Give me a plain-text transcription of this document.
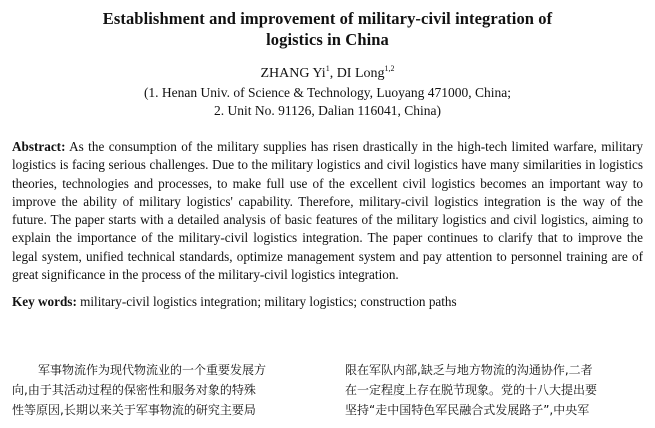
Establishment and improvement of military-civil integration of
logistics in China
ZHANG Yi$^1$, DI Long$^{1,2}$
(1. Henan Univ. of Science & Technology, Luoyang 471000, China;
2. Unit No. 91126, Dalian 116041, China)
Abstract: As the consumption of the military supplies has risen drastically in the high-tech limited warfare, military logistics is facing serious challenges. Due to the military logistics and civil logistics have many similarities in logistics theories, technologies and processes, to make full use of the excellent civil logistics becomes an important way to improve the ability of military logistics' capability. Therefore, military-civil logistics integration is the way of the future. The paper starts with a detailed analysis of basic features of the military logistics and civil logistics, aiming to explain the importance of the military-civil logistics integration. The paper continues to clarify that to improve the legal system, unified technical standards, optimize management system and pay attention to personnel training are of great significance in the process of the military-civil logistics integration.
Key words: military-civil logistics integration; military logistics; construction paths

军事物流作为现代物流业的一个重要发展方

向,由于其活动过程的保密性和服务对象的特殊

性等原因,长期以来关于军事物流的研究主要局

限在军队内部,缺乏与地方物流的沟通协作,二者

在一定程度上存在脱节现象。党的十八大提出要

坚持“走中国特色军民融合式发展路子”,中央军
